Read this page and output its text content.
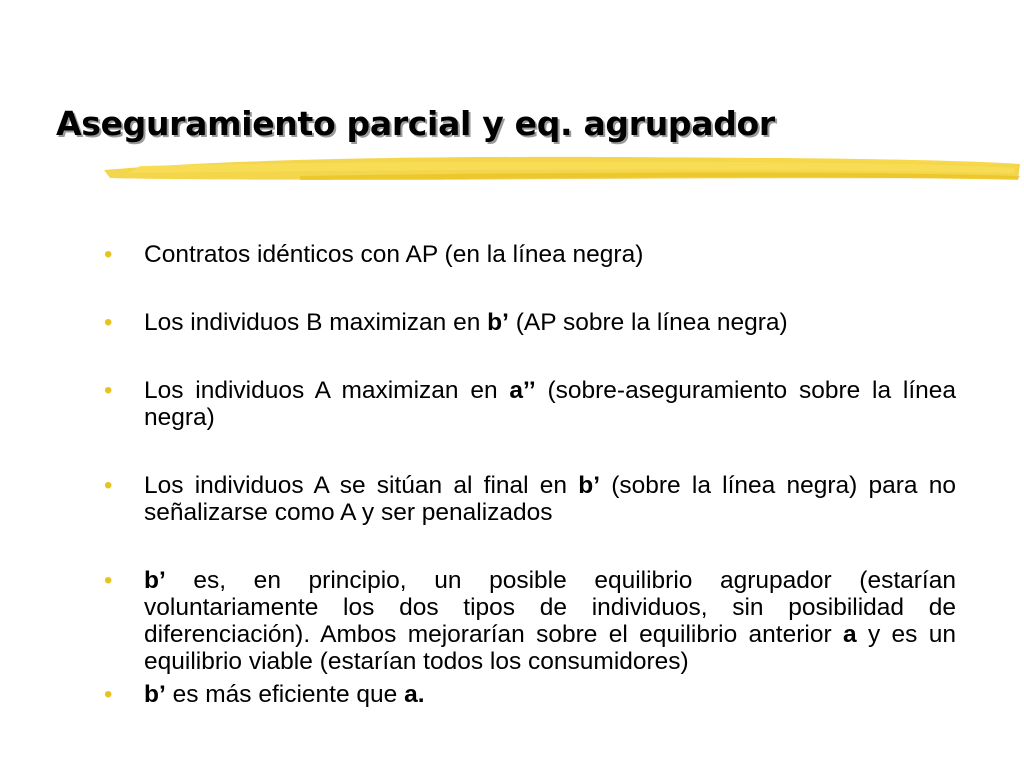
Aseguramiento parcial y eq. agrupador
• Contratos idénticos con AP (en la línea negra)
• Los individuos B maximizan en b’ (AP sobre la línea negra)
• Los individuos A maximizan en a’’ (sobre-aseguramiento sobre la línea negra)
• Los individuos A se sitúan al final en b’ (sobre la línea negra) para no señalizarse como A y ser penalizados
• b’ es, en principio, un posible equilibrio agrupador (estarían voluntariamente los dos tipos de individuos, sin posibilidad de diferenciación). Ambos mejorarían sobre el equilibrio anterior a y es un equilibrio viable (estarían todos los consumidores)
• b’ es más eficiente que a.
